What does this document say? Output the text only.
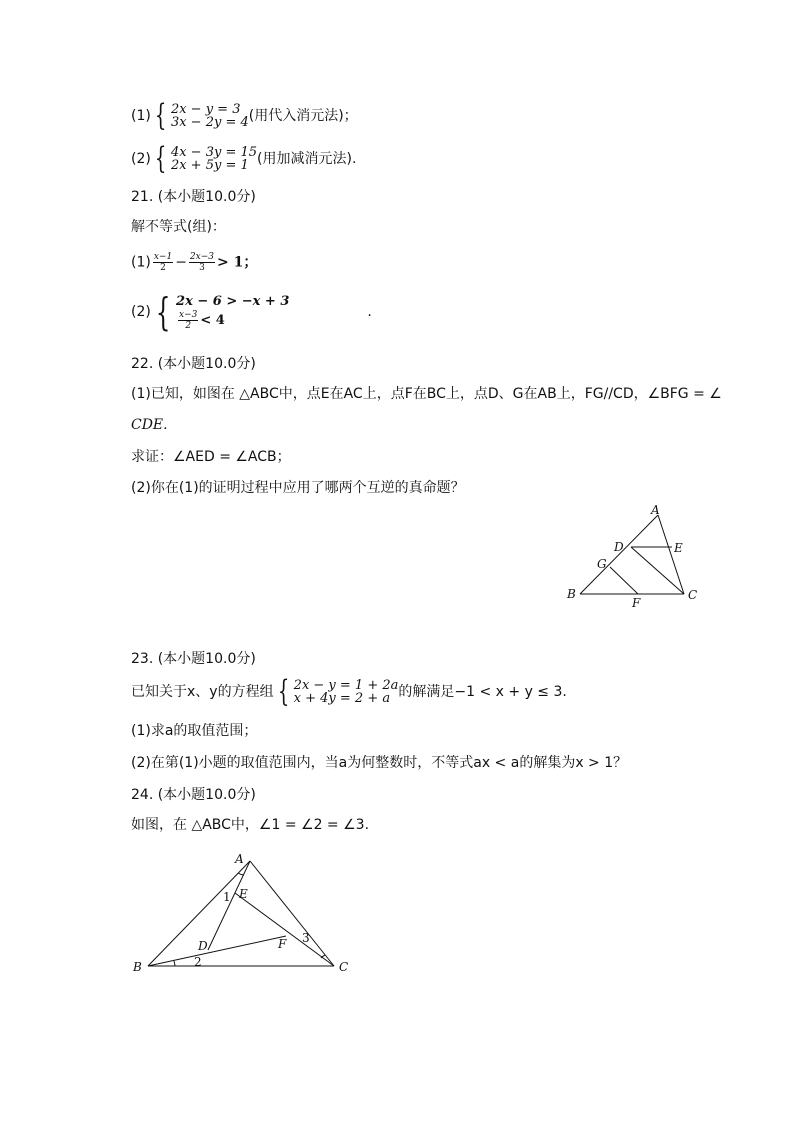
(1) { 2x − y = 3
3x − 2y = 4 (用代入消元法)；
(2) { 4x − 3y = 15
2x + 5y = 1 (用加减消元法).
21. (本小题10.0分)
解不等式(组)：
$(1) \frac{x-1}{2} - \frac{2x-3}{3} > 1$；
(2) { 2x − 6 > −x + 3
$\frac{x-3}{2} < 4$
.
22. (本小题10.0分)
(1)已知，如图在 △ABC中，点E在AC上，点F在BC上，点D、G在AB上，FG//CD，∠BFG = ∠
CDE.
求证：∠AED = ∠ACB；
(2)你在(1)的证明过程中应用了哪两个互逆的真命题？
A
B	C
D	E
F
G
23. (本小题10.0分)
已知关于x、y的方程组 { 2x − y = 1 + 2a
x + 4y = 2 + a 的解满足−1 < x + y ≤ 3.
(1)求a的取值范围；
(2)在第(1)小题的取值范围内，当a为何整数时，不等式ax < a的解集为x > 1？
24. (本小题10.0分)
如图，在 △ABC中，∠1 = ∠2 = ∠3.
A
B	C
D
E
F
1
2
3
